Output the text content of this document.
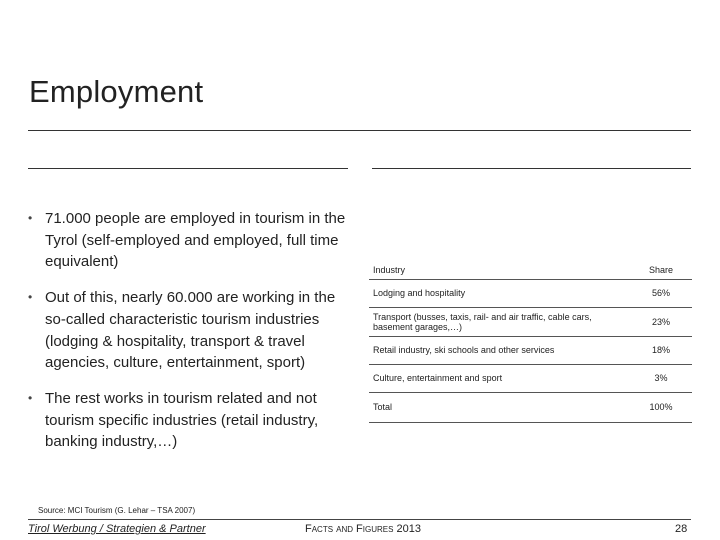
Employment
• 71.000 people are employed in tourism in the Tyrol (self-employed and employed, full time equivalent)
• Out of this, nearly 60.000 are working in the so-called characteristic tourism industries (lodging & hospitality, transport & travel agencies, culture, entertainment, sport)
• The rest works in tourism related and not tourism specific industries (retail industry, banking industry,…)
Industry	Share
Lodging and hospitality	56%
Transport (busses, taxis, rail- and air traffic, cable cars, basement garages,…)	23%
Retail industry, ski schools and other services	18%
Culture, entertainment and sport	3%
Total	100%
Source: MCI Tourism (G. Lehar – TSA 2007)
Tirol Werbung / Strategien & Partner	Facts and Figures 2013	28
